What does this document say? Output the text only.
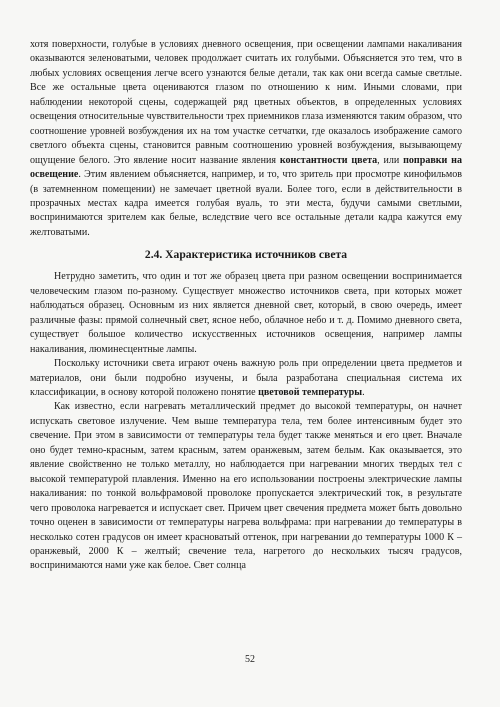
хотя поверхности, голубые в условиях дневного освещения, при освещении лампами накаливания оказываются зеленоватыми, человек продолжает считать их голубыми. Объясняется это тем, что в любых условиях освещения легче всего узнаются белые детали, так как они всегда самые светлые. Все же остальные цвета оцениваются глазом по отношению к ним. Иными словами, при наблюдении некоторой сцены, содержащей ряд цветных объектов, в определенных условиях освещения относительные чувствительности трех приемников глаза изменяются таким образом, что соотношение уровней возбуждения их на том участке сетчатки, где оказалось изображение самого светлого объекта сцены, становится равным соотношению уровней возбуждения, вызывающему ощущение белого. Это явление носит название явления константности цвета, или поправки на освещение. Этим явлением объясняется, например, и то, что зритель при просмотре кинофильмов (в затемненном помещении) не замечает цветной вуали. Более того, если в действительности в прозрачных местах кадра имеется голубая вуаль, то эти места, будучи самыми светлыми, воспринимаются зрителем как белые, вследствие чего все остальные детали кадра кажутся ему желтоватыми.

2.4. Характеристика источников света

Нетрудно заметить, что один и тот же образец цвета при разном освещении воспринимается человеческим глазом по-разному. Существует множество источников света, при которых может наблюдаться образец. Основным из них является дневной свет, который, в свою очередь, имеет различные фазы: прямой солнечный свет, ясное небо, облачное небо и т. д. Помимо дневного света, существует большое количество искусственных источников освещения, например лампы накаливания, люминесцентные лампы.

Поскольку источники света играют очень важную роль при определении цвета предметов и материалов, они были подробно изучены, и была разработана специальная система их классификации, в основу которой положено понятие цветовой температуры.

Как известно, если нагревать металлический предмет до высокой температуры, он начнет испускать световое излучение. Чем выше температура тела, тем более интенсивным будет это свечение. При этом в зависимости от температуры тела будет также меняться и его цвет. Вначале оно будет темно-красным, затем красным, затем оранжевым, затем белым. Как оказывается, это явление свойственно не только металлу, но наблюдается при нагревании многих твердых тел с высокой температурой плавления. Именно на его использовании построены электрические лампы накаливания: по тонкой вольфрамовой проволоке пропускается электрический ток, в результате чего проволока нагревается и испускает свет. Причем цвет свечения предмета может быть довольно точно оценен в зависимости от температуры нагрева вольфрама: при нагревании до температуры в несколько сотен градусов он имеет красноватый оттенок, при нагревании до температуры 1000 К – оранжевый, 2000 К – желтый; свечение тела, нагретого до нескольких тысяч градусов, воспринимаются нами уже как белое. Свет солнца

52
